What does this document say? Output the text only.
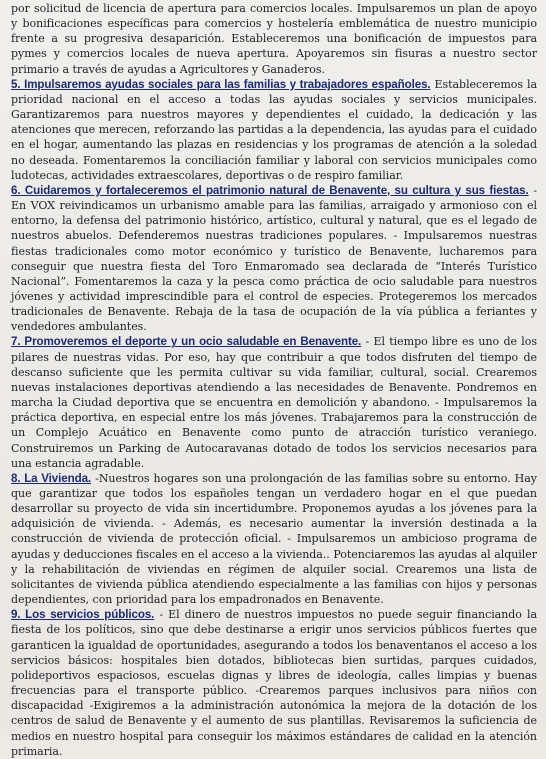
por solicitud de licencia de apertura para comercios locales. Impulsaremos un plan de apoyo y bonificaciones específicas para comercios y hostelería emblemática de nuestro municipio frente a su progresiva desaparición. Estableceremos una bonificación de impuestos para pymes y comercios locales de nueva apertura. Apoyaremos sin fisuras a nuestro sector primario a través de ayudas a Agricultores y Ganaderos.

5. Impulsaremos ayudas sociales para las familias y trabajadores españoles. Estableceremos la prioridad nacional en el acceso a todas las ayudas sociales y servicios municipales. Garantizaremos para nuestros mayores y dependientes el cuidado, la dedicación y las atenciones que merecen, reforzando las partidas a la dependencia, las ayudas para el cuidado en el hogar, aumentando las plazas en residencias y los programas de atención a la soledad no deseada. Fomentaremos la conciliación familiar y laboral con servicios municipales como ludotecas, actividades extraescolares, deportivas o de respiro familiar.

6. Cuidaremos y fortaleceremos el patrimonio natural de Benavente, su cultura y sus fiestas. - En VOX reivindicamos un urbanismo amable para las familias, arraigado y armonioso con el entorno, la defensa del patrimonio histórico, artístico, cultural y natural, que es el legado de nuestros abuelos. Defenderemos nuestras tradiciones populares. - Impulsaremos nuestras fiestas tradicionales como motor económico y turístico de Benavente, lucharemos para conseguir que nuestra fiesta del Toro Enmaromado sea declarada de “Interés Turístico Nacional”. Fomentaremos la caza y la pesca como práctica de ocio saludable para nuestros jóvenes y actividad imprescindible para el control de especies. Protegeremos los mercados tradicionales de Benavente. Rebaja de la tasa de ocupación de la vía pública a feriantes y vendedores ambulantes.

7. Promoveremos el deporte y un ocio saludable en Benavente. - El tiempo libre es uno de los pilares de nuestras vidas. Por eso, hay que contribuir a que todos disfruten del tiempo de descanso suficiente que les permita cultivar su vida familiar, cultural, social. Crearemos nuevas instalaciones deportivas atendiendo a las necesidades de Benavente. Pondremos en marcha la Ciudad deportiva que se encuentra en demolición y abandono. - Impulsaremos la práctica deportiva, en especial entre los más jóvenes. Trabajaremos para la construcción de un Complejo Acuático en Benavente como punto de atracción turístico veraniego. Construiremos un Parking de Autocaravanas dotado de todos los servicios necesarios para una estancia agradable.

8. La Vivienda. -Nuestros hogares son una prolongación de las familias sobre su entorno. Hay que garantizar que todos los españoles tengan un verdadero hogar en el que puedan desarrollar su proyecto de vida sin incertidumbre. Proponemos ayudas a los jóvenes para la adquisición de vivienda. - Además, es necesario aumentar la inversión destinada a la construcción de vivienda de protección oficial. - Impulsaremos un ambicioso programa de ayudas y deducciones fiscales en el acceso a la vivienda.. Potenciaremos las ayudas al alquiler y la rehabilitación de viviendas en régimen de alquiler social. Crearemos una lista de solicitantes de vivienda pública atendiendo especialmente a las familias con hijos y personas dependientes, con prioridad para los empadronados en Benavente.

9. Los servicios públicos. - El dinero de nuestros impuestos no puede seguir financiando la fiesta de los políticos, sino que debe destinarse a erigir unos servicios públicos fuertes que garanticen la igualdad de oportunidades, asegurando a todos los benaventanos el acceso a los servicios básicos: hospitales bien dotados, bibliotecas bien surtidas, parques cuidados, polideportivos espaciosos, escuelas dignas y libres de ideología, calles limpias y buenas frecuencias para el transporte público. -Crearemos parques inclusivos para niños con discapacidad -Exigiremos a la administración autonómica la mejora de la dotación de los centros de salud de Benavente y el aumento de sus plantillas. Revisaremos la suficiencia de medios en nuestro hospital para conseguir los máximos estándares de calidad en la atención primaria.
